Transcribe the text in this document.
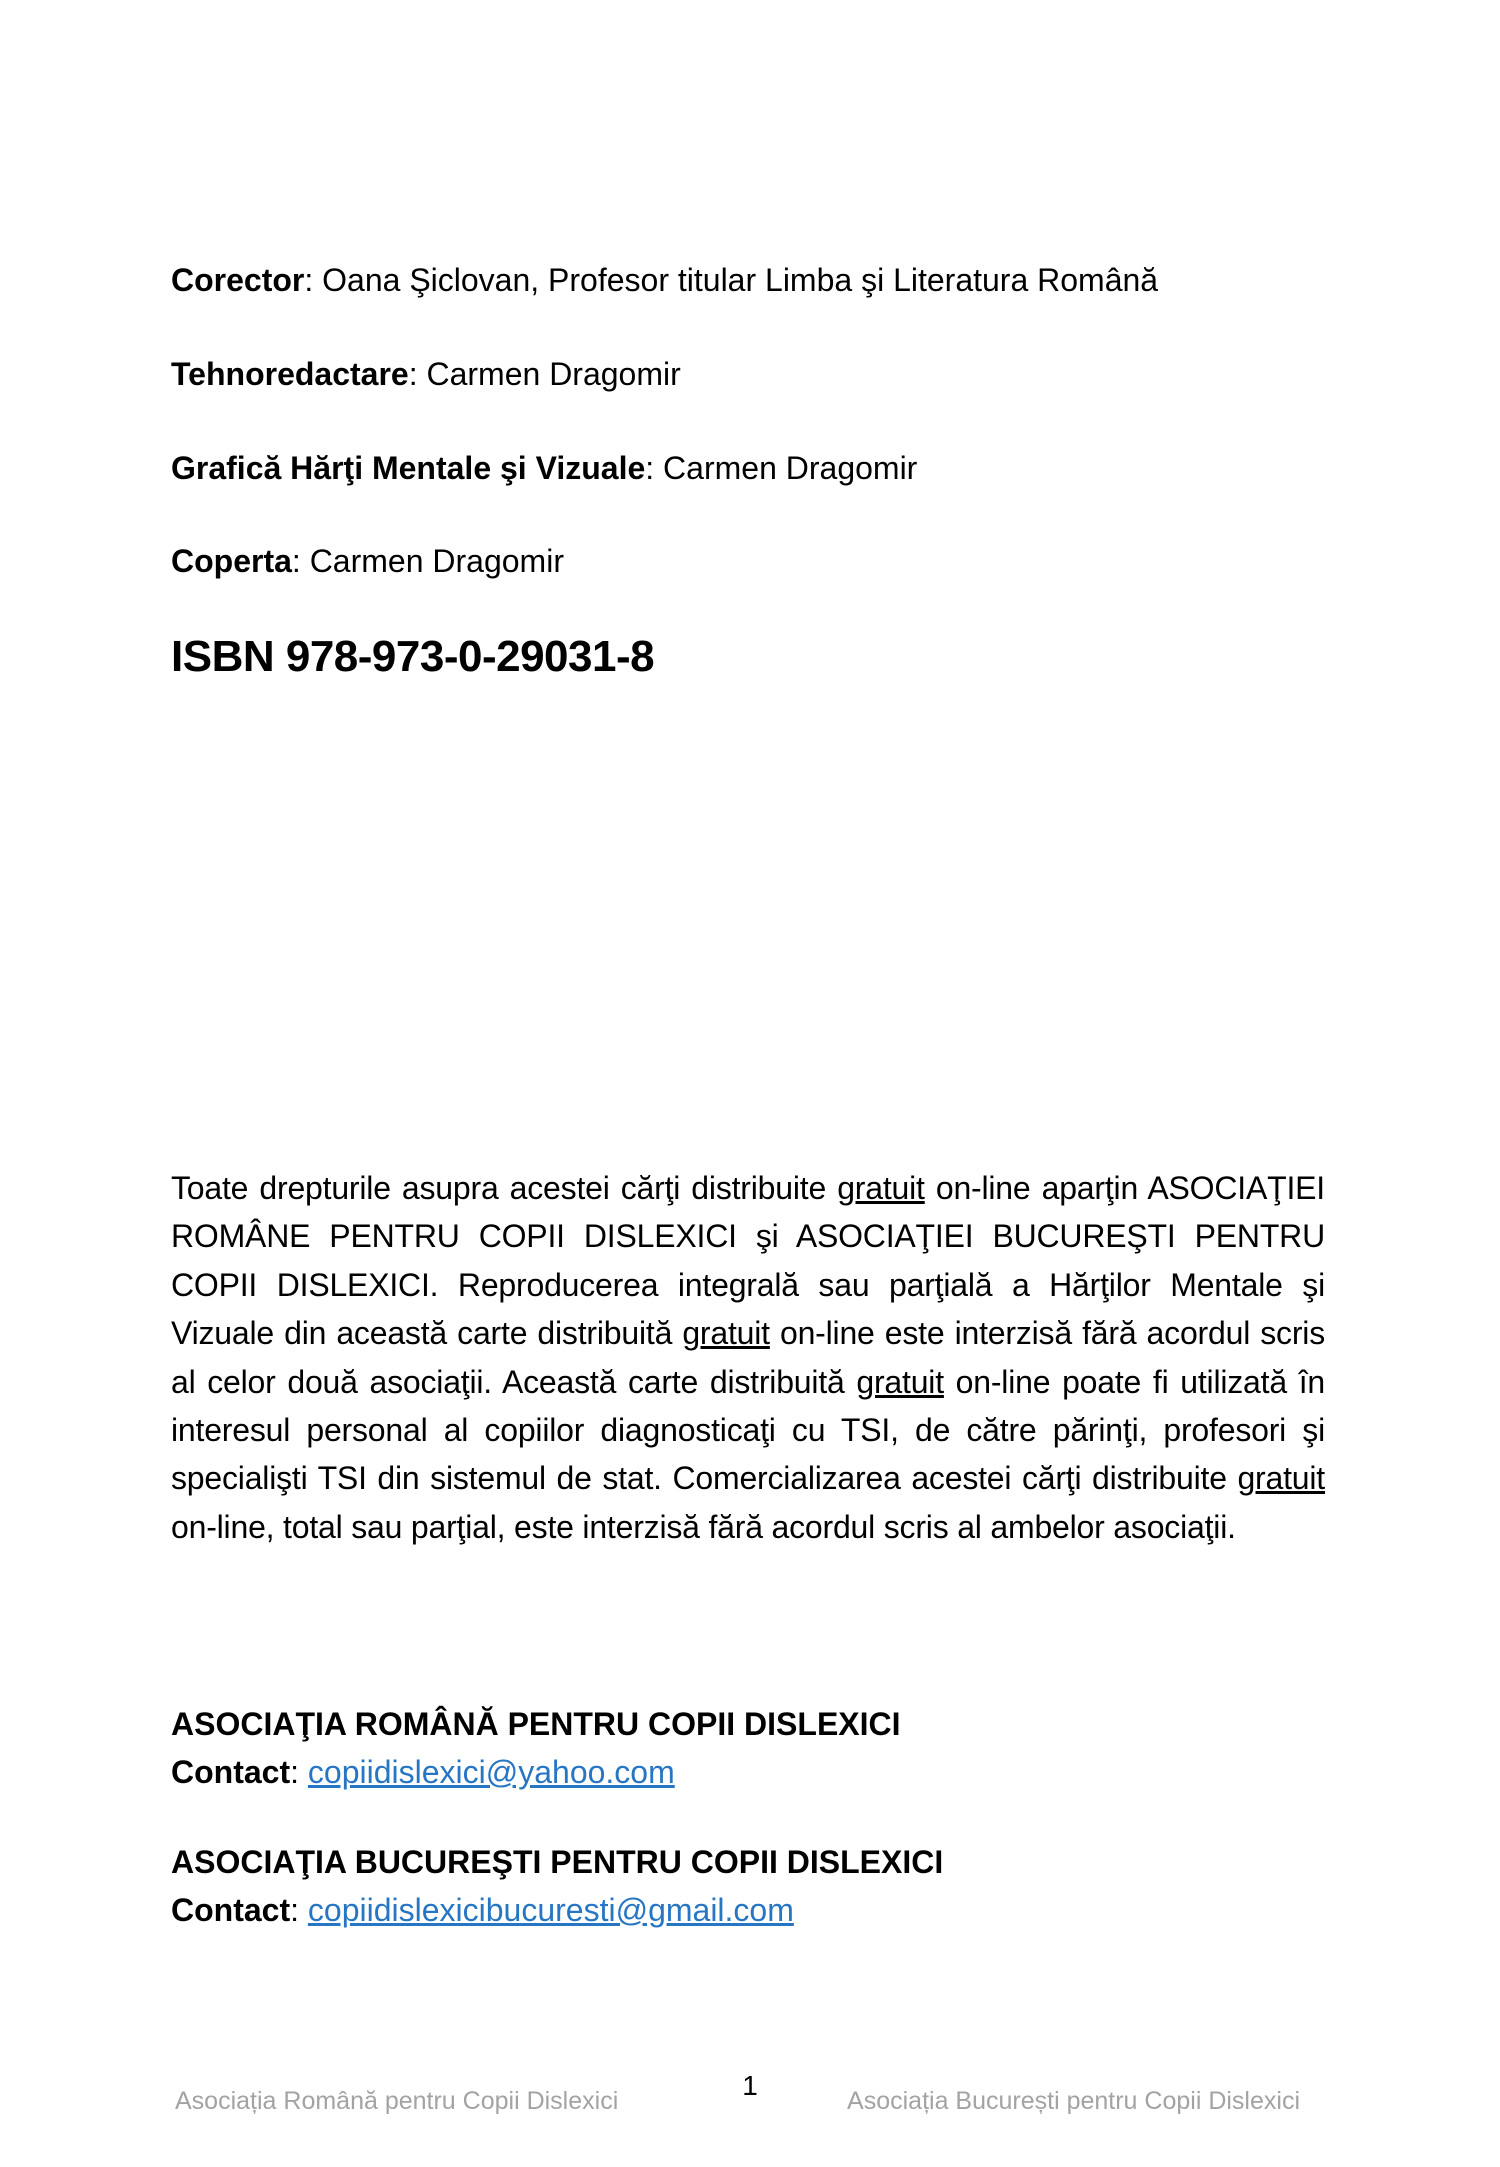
Corector: Oana Şiclovan, Profesor titular Limba şi Literatura Română
Tehnoredactare: Carmen Dragomir
Grafică Hărţi Mentale şi Vizuale: Carmen Dragomir
Coperta: Carmen Dragomir
ISBN 978-973-0-29031-8

Toate drepturile asupra acestei cărţi distribuite gratuit on-line aparţin ASOCIAŢIEI ROMÂNE PENTRU COPII DISLEXICI şi ASOCIAŢIEI BUCUREŞTI PENTRU COPII DISLEXICI. Reproducerea integrală sau parţială a Hărţilor Mentale şi Vizuale din această carte distribuită gratuit on-line este interzisă fără acordul scris al celor două asociaţii. Această carte distribuită gratuit on-line poate fi utilizată în interesul personal al copiilor diagnosticaţi cu TSI, de către părinţi, profesori şi specialişti TSI din sistemul de stat. Comercializarea acestei cărţi distribuite gratuit on-line, total sau parţial, este interzisă fără acordul scris al ambelor asociaţii.

ASOCIAŢIA ROMÂNĂ PENTRU COPII DISLEXICI
Contact: copiidislexici@yahoo.com
ASOCIAŢIA BUCUREŞTI PENTRU COPII DISLEXICI
Contact: copiidislexicibucuresti@gmail.com
Asociația Română pentru Copii Dislexici	1	Asociația București pentru Copii Dislexici
